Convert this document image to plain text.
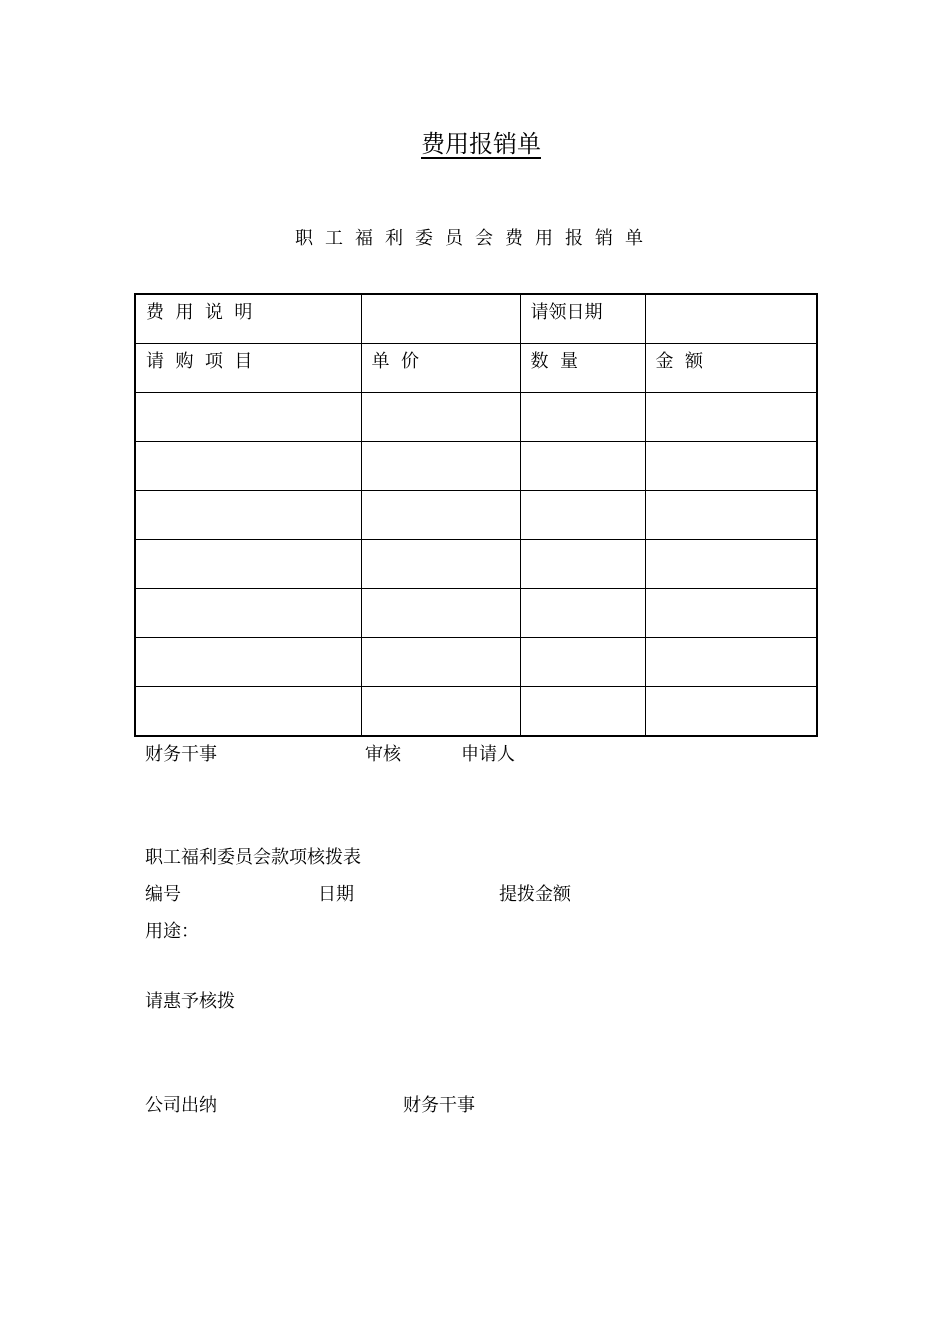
费用报销单
职工福利委员会费用报销单
费  用  说  明		请领日期	
请  购  项  目	单  价	数  量	金  额

财务干事	审核	申请人
职工福利委员会款项核拨表
编号	日期	提拨金额
用途：
请惠予核拨
公司出纳	财务干事
